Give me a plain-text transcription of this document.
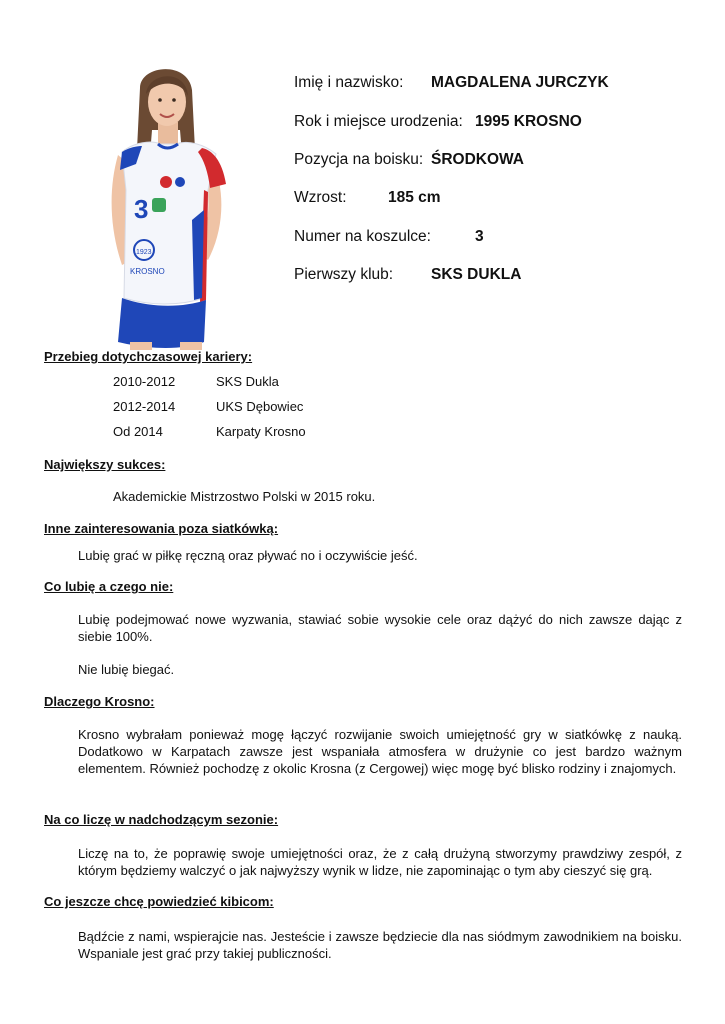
3
1923
KROSNO
Imię i nazwisko: MAGDALENA JURCZYK
Rok i miejsce urodzenia: 1995 KROSNO
Pozycja na boisku: ŚRODKOWA
Wzrost:	185 cm
Numer na koszulce:	3
Pierwszy klub: SKS DUKLA
Przebieg dotychczasowej kariery:
2010-2012	SKS Dukla
2012-2014	UKS Dębowiec
Od 2014	Karpaty Krosno
Największy sukces:
Akademickie Mistrzostwo Polski w 2015 roku.
Inne zainteresowania poza siatkówką:
Lubię grać w piłkę ręczną oraz pływać no i oczywiście jeść.
Co lubię a czego nie:
Lubię podejmować nowe wyzwania, stawiać sobie wysokie cele oraz dążyć do nich zawsze dając z siebie 100%.
Nie lubię biegać.
Dlaczego Krosno:
Krosno wybrałam ponieważ mogę łączyć rozwijanie swoich umiejętność gry w siatkówkę z nauką. Dodatkowo w Karpatach zawsze jest wspaniała atmosfera w drużynie co jest bardzo ważnym elementem. Również pochodzę z okolic Krosna (z Cergowej) więc mogę być blisko rodziny i znajomych.
Na co liczę w nadchodzącym sezonie:
Liczę na to, że poprawię swoje umiejętności oraz, że z całą drużyną stworzymy prawdziwy zespół, z którym będziemy walczyć o jak najwyższy wynik w lidze, nie zapominając o tym aby cieszyć się grą.
Co jeszcze chcę powiedzieć kibicom:
Bądźcie z nami, wspierajcie nas. Jesteście i zawsze będziecie dla nas siódmym zawodnikiem na boisku. Wspaniale jest grać przy takiej publiczności.
